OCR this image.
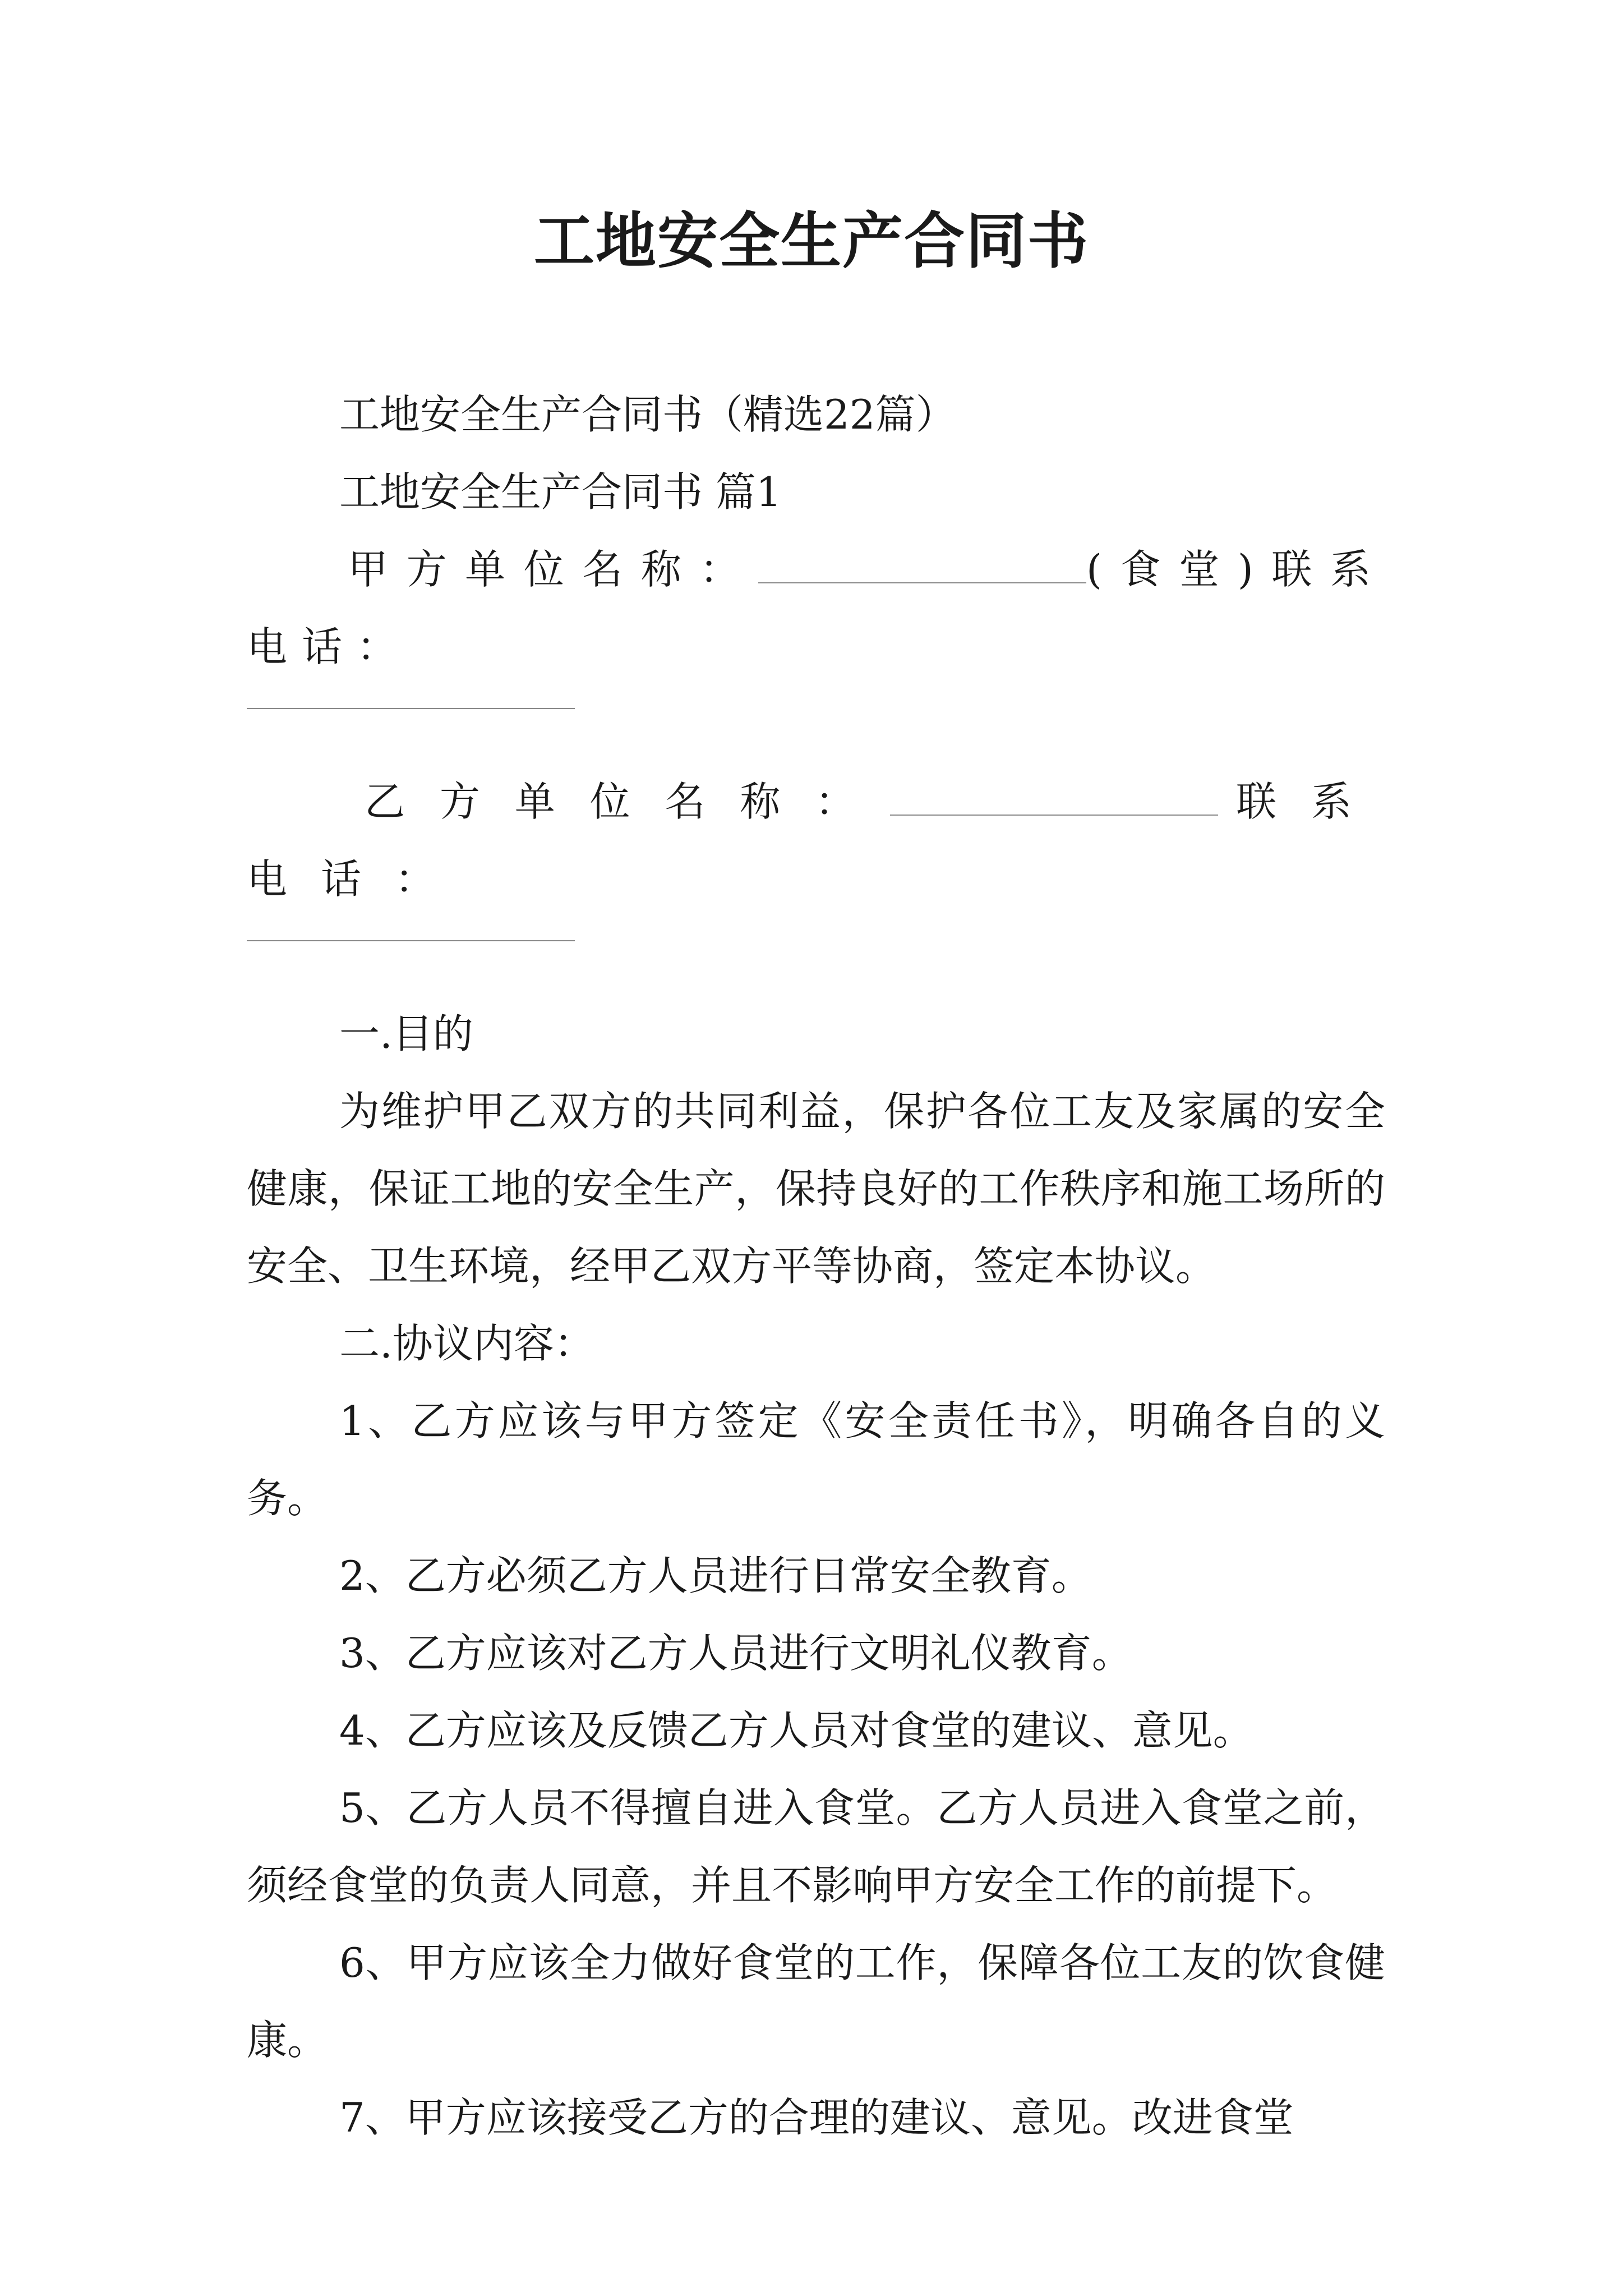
工地安全生产合同书

工地安全生产合同书（精选22篇）

工地安全生产合同书 篇1

甲方单位名称：	(食堂)联系电话：

乙方单位名称：	联系电话：

一.目的

为维护甲乙双方的共同利益，保护各位工友及家属的安全健康，保证工地的安全生产，保持良好的工作秩序和施工场所的安全、卫生环境，经甲乙双方平等协商，签定本协议。

二.协议内容：

1、乙方应该与甲方签定《安全责任书》，明确各自的义务。

2、乙方必须乙方人员进行日常安全教育。

3、乙方应该对乙方人员进行文明礼仪教育。

4、乙方应该及反馈乙方人员对食堂的建议、意见。

5、乙方人员不得擅自进入食堂。乙方人员进入食堂之前，须经食堂的负责人同意，并且不影响甲方安全工作的前提下。

6、甲方应该全力做好食堂的工作，保障各位工友的饮食健康。

7、甲方应该接受乙方的合理的建议、意见。改进食堂
